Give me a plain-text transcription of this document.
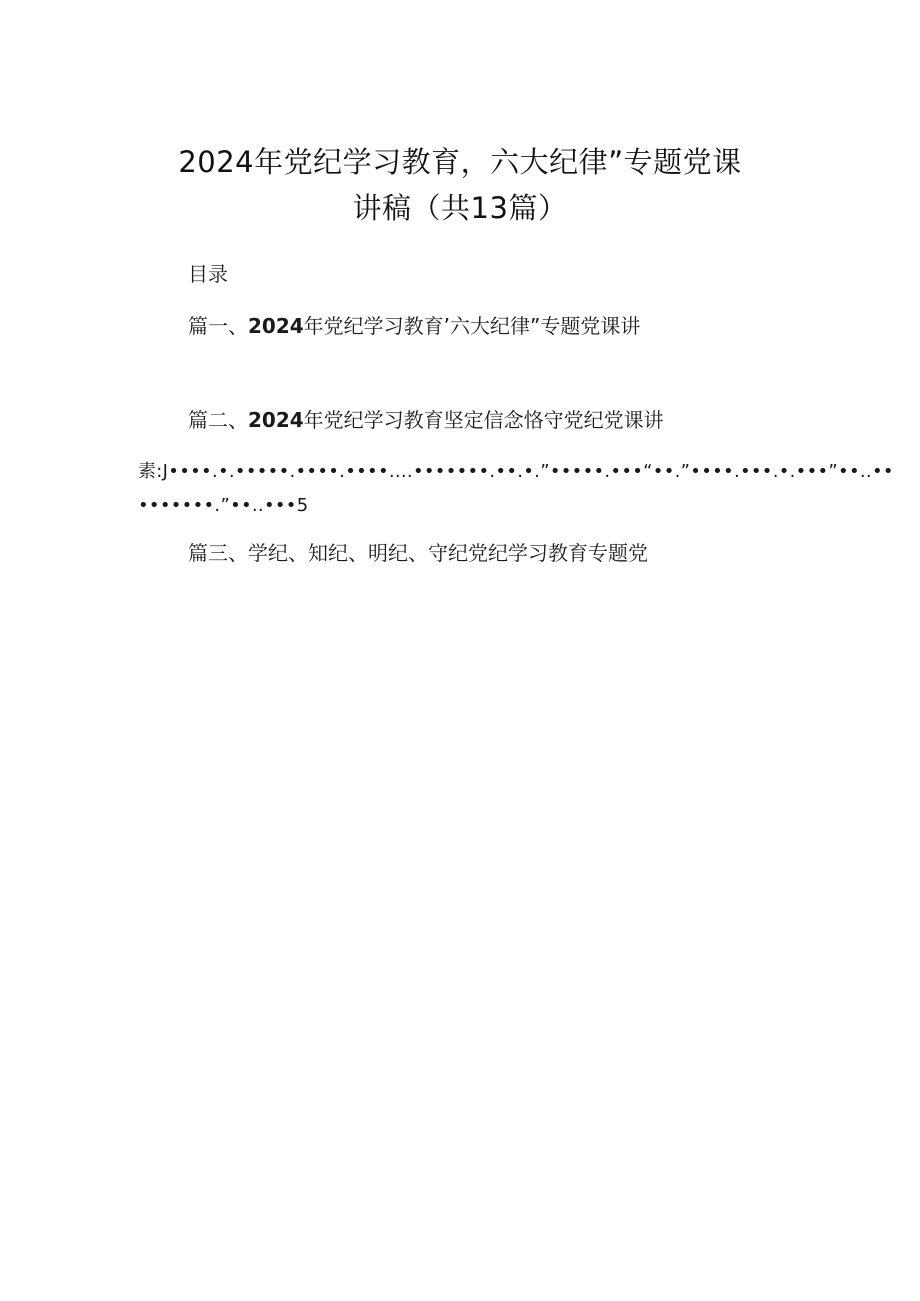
2024年党纪学习教育，六大纪律”专题党课
讲稿（共13篇）
目录
篇一、2024年党纪学习教育’六大纪律”专题党课讲
篇二、2024年党纪学习教育坚定信念恪守党纪党课讲
素:J••••.•.•••••.••••.••••....•••••••.••.•.”•••••.•••“••.”••••.•••.•.•••”••..••
•••••••.”••..•••5
篇三、学纪、知纪、明纪、守纪党纪学习教育专题党
